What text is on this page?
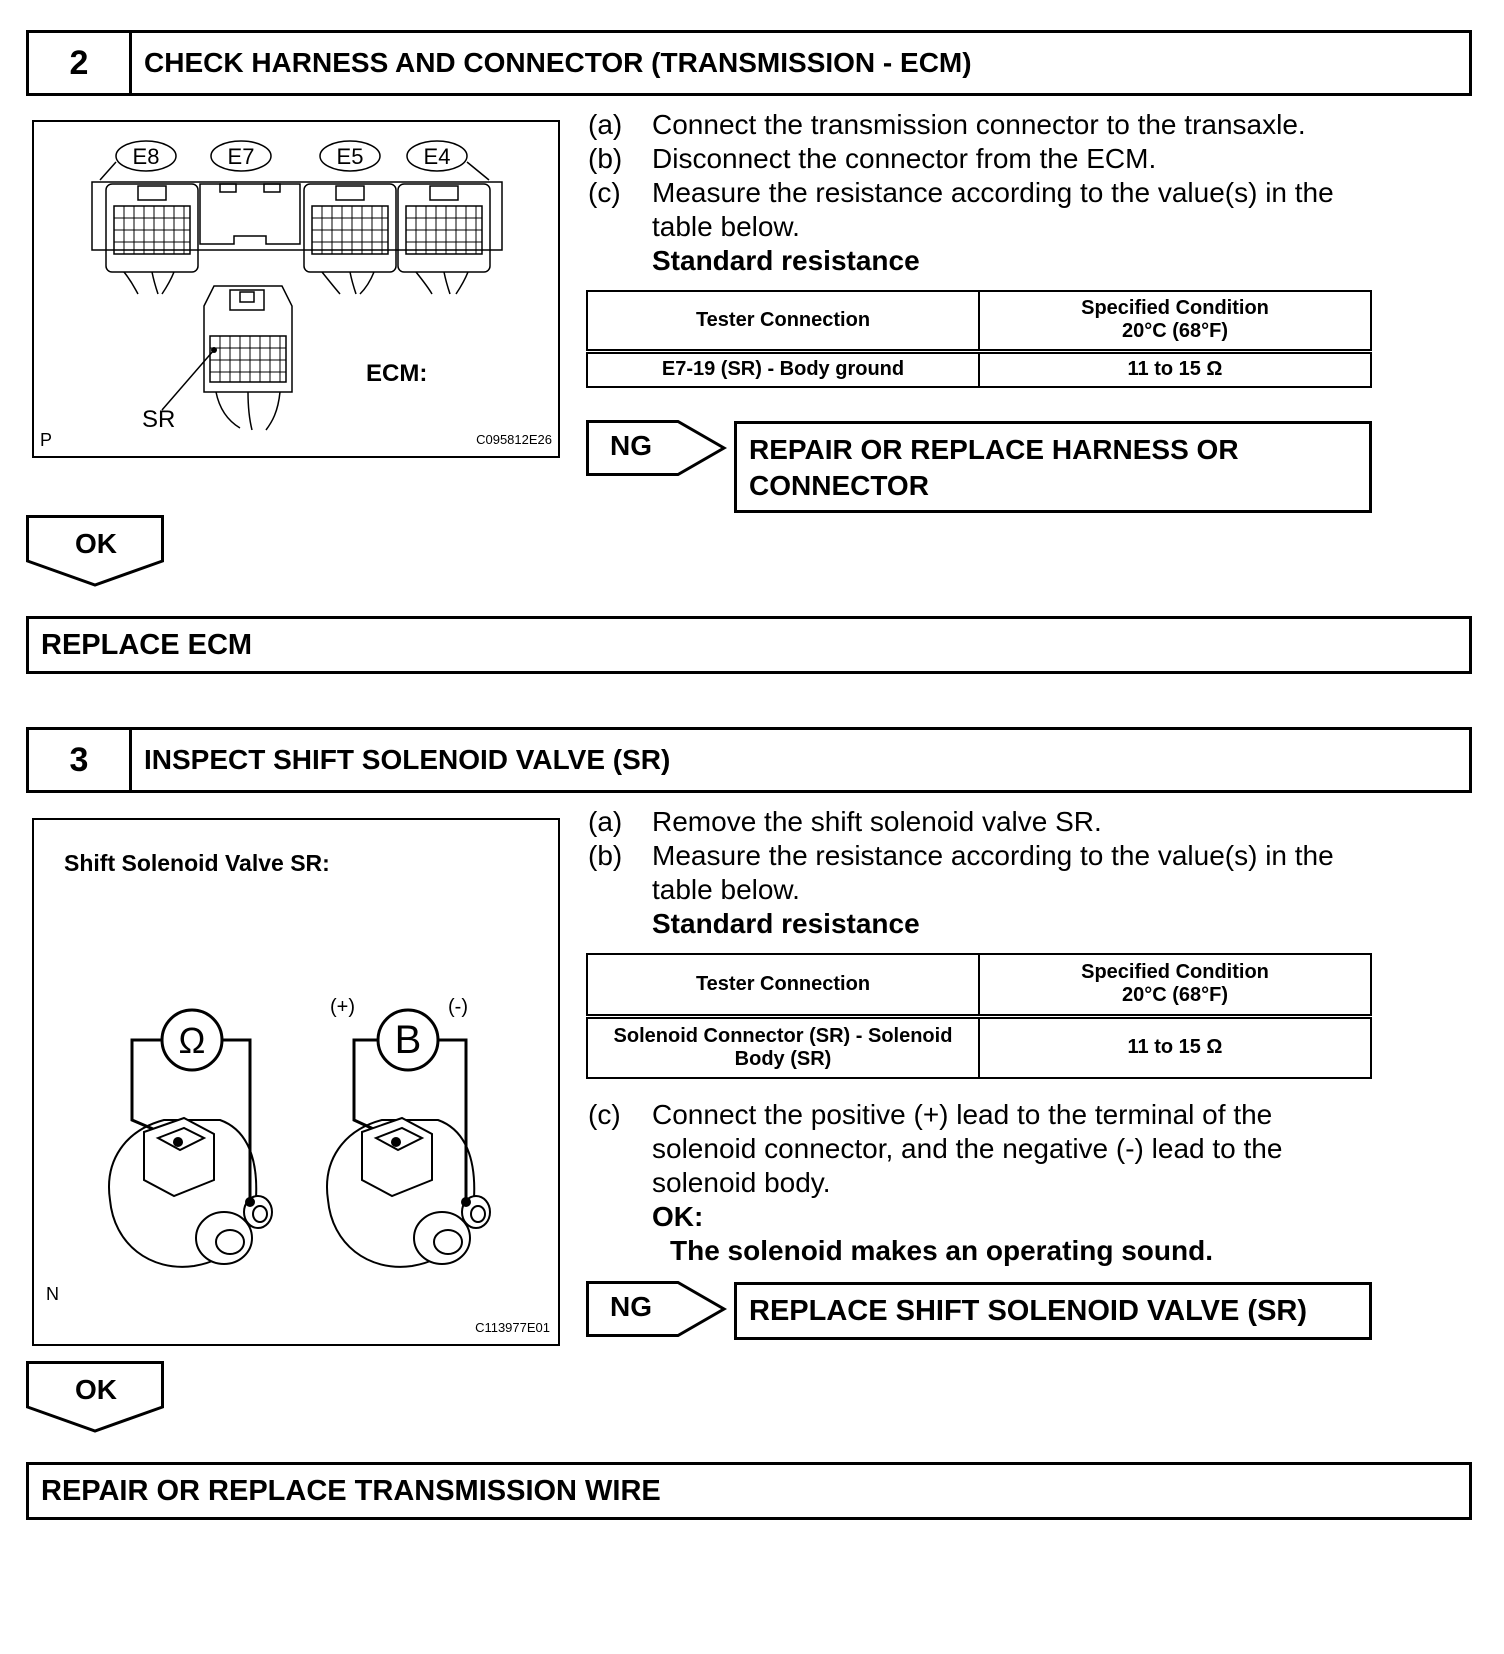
2	CHECK HARNESS AND CONNECTOR (TRANSMISSION - ECM)
E8	E7	E5	E4
ECM:
SR
P	C095812E26
(a) Connect the transmission connector to the transaxle.
(b) Disconnect the connector from the ECM.
(c) Measure the resistance according to the value(s) in the
table below.
Standard resistance
Tester Connection	Specified Condition
20°C (68°F)

E7-19 (SR) - Body ground	11 to 15 Ω
NG	REPAIR OR REPLACE HARNESS OR
CONNECTOR
OK
REPLACE ECM
3	INSPECT SHIFT SOLENOID VALVE (SR)
Shift Solenoid Valve SR:
Ω	B
(+)	(-)
N
C113977E01
(a) Remove the shift solenoid valve SR.
(b) Measure the resistance according to the value(s) in the
table below.
Standard resistance
Tester Connection	Specified Condition
20°C (68°F)

Solenoid Connector (SR) - Solenoid
Body (SR)	11 to 15 Ω
(c) Connect the positive (+) lead to the terminal of the
solenoid connector, and the negative (-) lead to the
solenoid body.
OK:
The solenoid makes an operating sound.
NG	REPLACE SHIFT SOLENOID VALVE (SR)
OK
REPAIR OR REPLACE TRANSMISSION WIRE
